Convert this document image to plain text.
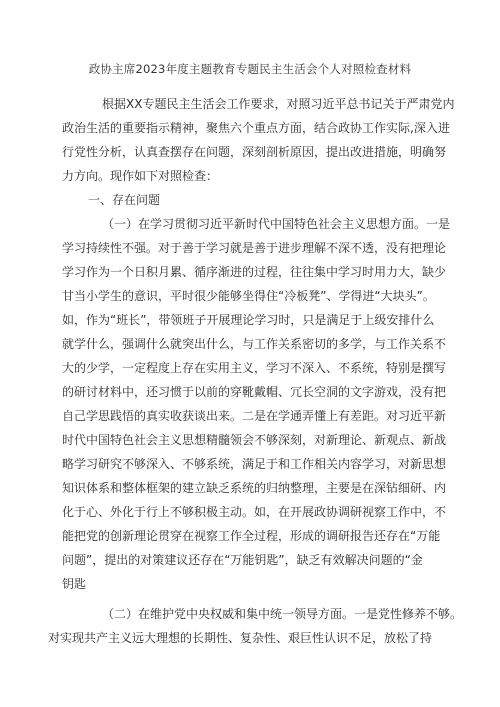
政协主席2023年度主题教育专题民主生活会个人对照检查材料
根据XX专题民主生活会工作要求，对照习近平总书记关于严肃党内
政治生活的重要指示精神，聚焦六个重点方面，结合政协工作实际,深入进
行党性分析，认真查摆存在问题，深刻剖析原因，提出改进措施，明确努
力方向。现作如下对照检查：
一、存在问题
（一）在学习贯彻习近平新时代中国特色社会主义思想方面。一是
学习持续性不强。对于善于学习就是善于进步理解不深不透，没有把理论
学习作为一个日积月累、循序渐进的过程，往往集中学习时用力大，缺少
甘当小学生的意识，平时很少能够坐得住“冷板凳”、学得进“大块头”。
如，作为“班长”，带领班子开展理论学习时，只是满足于上级安排什么
就学什么，强调什么就突出什么，与工作关系密切的多学，与工作关系不
大的少学，一定程度上存在实用主义，学习不深入、不系统，特别是撰写
的研讨材料中，还习惯于以前的穿靴戴帽、冗长空洞的文字游戏，没有把
自己学思践悟的真实收获谈出来。二是在学通弄懂上有差距。对习近平新
时代中国特色社会主义思想精髓领会不够深刻，对新理论、新观点、新战
略学习研究不够深入、不够系统，满足于和工作相关内容学习，对新思想
知识体系和整体框架的建立缺乏系统的归纳整理，主要是在深钻细研、内
化于心、外化于行上不够积极主动。如，在开展政协调研视察工作中，不
能把党的创新理论贯穿在视察工作全过程，形成的调研报告还存在“万能
问题”，提出的对策建议还存在“万能钥匙”，缺乏有效解决问题的“金
钥匙
（二）在维护党中央权威和集中统一领导方面。一是党性修养不够。
对实现共产主义远大理想的长期性、复杂性、艰巨性认识不足，放松了持
